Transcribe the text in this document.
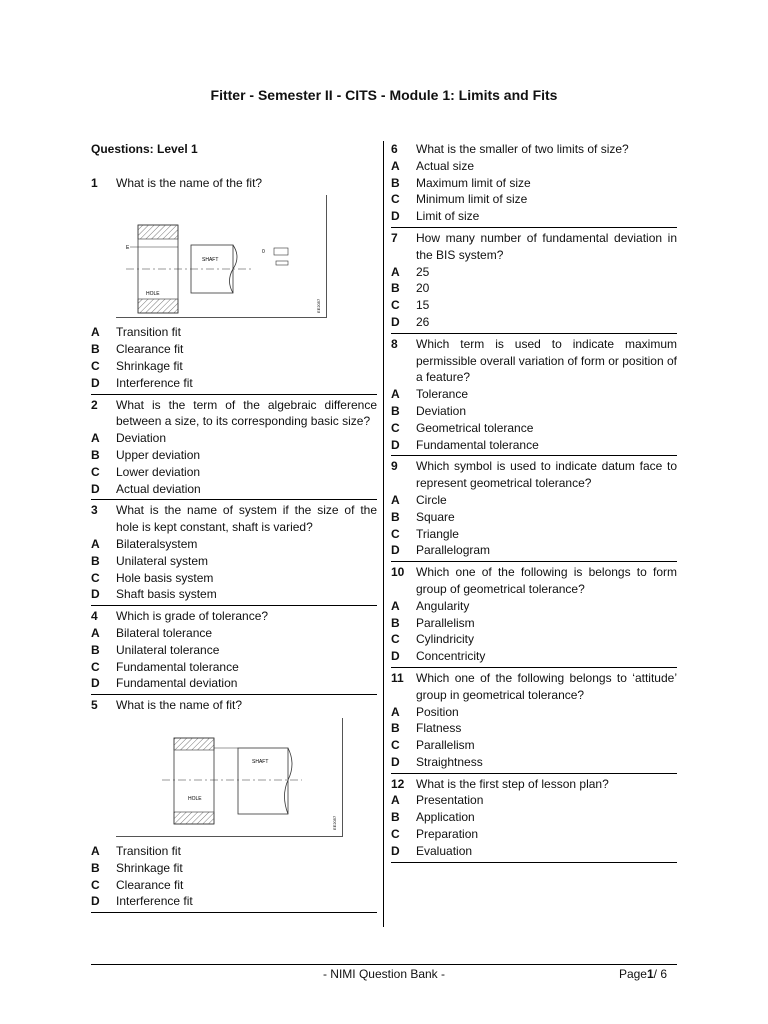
Fitter - Semester II - CITS - Module 1: Limits and Fits
Questions: Level 1
1	What is the name of the fit?
SHAFT
HOLE
E
0
EE2057
A	Transition fit
B	Clearance fit
C	Shrinkage fit
D	Interference fit
2	What is the term of the algebraic difference between a size, to its corresponding basic size?
A	Deviation
B	Upper deviation
C	Lower deviation
D	Actual deviation
3	What is the name of system if the size of the hole is kept constant, shaft is varied?
A	Bilateralsystem
B	Unilateral system
C	Hole basis system
D	Shaft basis system
4	Which is grade of tolerance?
A	Bilateral tolerance
B	Unilateral tolerance
C	Fundamental tolerance
D	Fundamental deviation
5	What is the name of fit?
SHAFT
HOLE
EE2057
A	Transition fit
B	Shrinkage fit
C	Clearance fit
D	Interference fit
6	What is the smaller of two limits of size?
A	Actual size
B	Maximum limit of size
C	Minimum limit of size
D	Limit of size
7	How many number of fundamental deviation in the BIS system?
A	25
B	20
C	15
D	26
8	Which term is used to indicate maximum permissible overall variation of form or position of a feature?
A	Tolerance
B	Deviation
C	Geometrical tolerance
D	Fundamental tolerance
9	Which symbol is used to indicate datum face to represent geometrical tolerance?
A	Circle
B	Square
C	Triangle
D	Parallelogram
10 Which one of the following is belongs to form group of geometrical tolerance?
A	Angularity
B	Parallelism
C	Cylindricity
D	Concentricity
11	Which one of the following belongs to ‘attitude’ group in geometrical tolerance?
A	Position
B	Flatness
C	Parallelism
D	Straightness
12 What is the first step of lesson plan?
A	Presentation
B	Application
C	Preparation
D	Evaluation
- NIMI Question Bank -	Page1/ 6
